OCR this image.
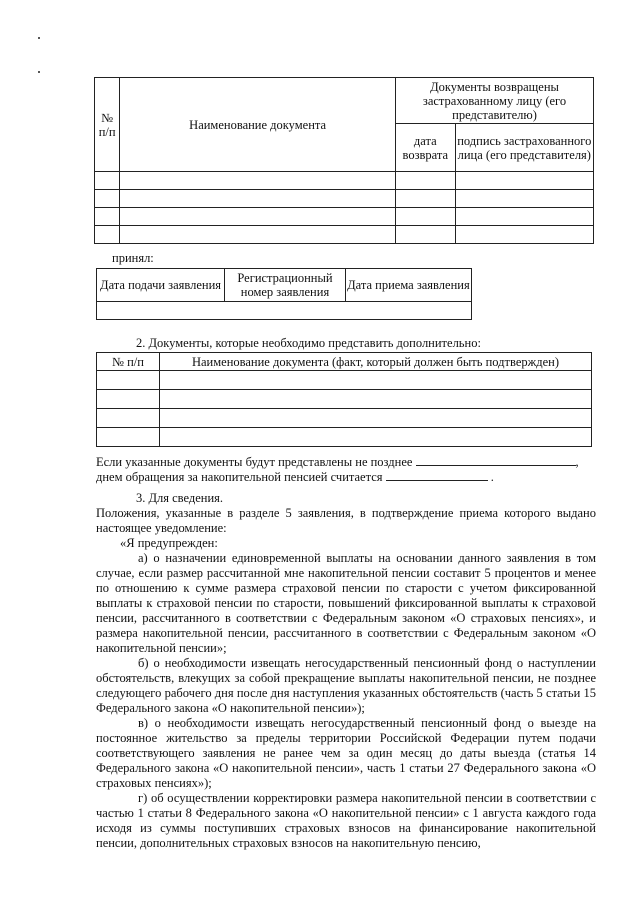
№ п/п	Наименование документа	Документы возвращены застрахованному лицу (его представителю)	
		дата возврата	подпись застрахованного лица (его представителя)

принял:
Дата подачи заявления	Регистрационный номер заявления	Дата приема заявления

2. Документы, которые необходимо представить дополнительно:
№ п/п	Наименование документа (факт, который должен быть подтвержден)

Если указанные документы будут представлены не позднее	,
днем обращения за накопительной пенсией считается	.
3. Для сведения.
Положения, указанные в разделе 5 заявления, в подтверждение приема которого выдано настоящее уведомление:
«Я предупрежден:
а) о назначении единовременной выплаты на основании данного заявления в том случае, если размер рассчитанной мне накопительной пенсии составит 5 процентов и менее по отношению к сумме размера страховой пенсии по старости с учетом фиксированной выплаты к страховой пенсии по старости, повышений фиксированной выплаты к страховой пенсии, рассчитанного в соответствии с Федеральным законом «О страховых пенсиях», и размера накопительной пенсии, рассчитанного в соответствии с Федеральным законом «О накопительной пенсии»;
б) о необходимости извещать негосударственный пенсионный фонд о наступлении обстоятельств, влекущих за собой прекращение выплаты накопительной пенсии, не позднее следующего рабочего дня после дня наступления указанных обстоятельств (часть 5 статьи 15 Федерального закона «О накопительной пенсии»);
в) о необходимости извещать негосударственный пенсионный фонд о выезде на постоянное жительство за пределы территории Российской Федерации путем подачи соответствующего заявления не ранее чем за один месяц до даты выезда (статья 14 Федерального закона «О накопительной пенсии», часть 1 статьи 27 Федерального закона «О страховых пенсиях»);
г) об осуществлении корректировки размера накопительной пенсии в соответствии с частью 1 статьи 8 Федерального закона «О накопительной пенсии» с 1 августа каждого года исходя из суммы поступивших страховых взносов на финансирование накопительной пенсии, дополнительных страховых взносов на накопительную пенсию,
